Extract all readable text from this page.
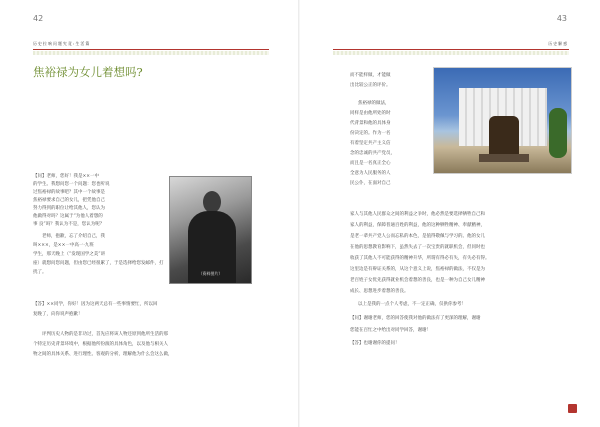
42
历 史 拉 响 问 题 究 竟 : 生 活 篇
焦裕禄为女儿着想吗?
【问】老师，您好！我是××一中
的学生。我想问您一个问题：您也听说
过焦裕禄的故事吧？其中一个故事是
焦裕禄要求自己的女儿，把凭他自己
努力得到的职位让给其他人，您认为
他做得对吗？这属于“为他人着想的
事 良”吗？我认为不是，您认为呢？
老师，抱歉，忘了介绍自己，我
叫×××，是××一中高一·九班
学生，那天晚上（“发现国学之美”讲
座）就想问您问题，但由您已经很累了，于是选择给您发邮件，打
扰了。
【答】××同学，你好！因为这两天总有一些事情要忙，所以回
复晚了，向你说声抱歉！
评判历史人物的是非功过，首先应将该人物还原到他所生活的那
个特定历史背景环境中，根据他所扮演的具体角色，以及他与相关人
物之间的具体关系、进行理性、客观的分析，理解他为什么会这么做，
（资料图片）
43
历 史 解 惑
而不能样做，才能做
出比较公正的评价。
焦裕禄的做法，
同样是由他所处的时
代背景和他的具体身
份决定的。作为一名
有着坚定共产主义信
念的忠诚的共产党员，
而且是一名真正全心
全意为人民服务的人
民公仆，在面对自己
家人与其他人民群众之间的利益之争时，他必然是要选择牺牲自己和
家人的利益，保障普通百姓的利益，他的这种牺牲精神、奉献精神，
是老一辈共产党人公而忘私的本色，是值得敬佩与学习的。他的女儿
在他的思想教育影响下，虽然失去了一次宝贵的就职机会，但同时也
收获了其他人不可能获得的精神升华，所谓有得必有失，有失必有得。
这里边是有辩证关系的，从这个意义上说，焦裕禄的做法，不仅是为
老百姓子女优先获得就业机会着想的善良，也是一种为自己女儿精神
成长、思想进步着想的善良。
以上是我的一点个人考虑，不一定正确，仅供你参考！
【问】谢谢老师，您的回答使我对他的做法有了更深的理解，谢谢
您能在百忙之中给出对同学回答，谢谢！
【答】也谢谢你的提问！
